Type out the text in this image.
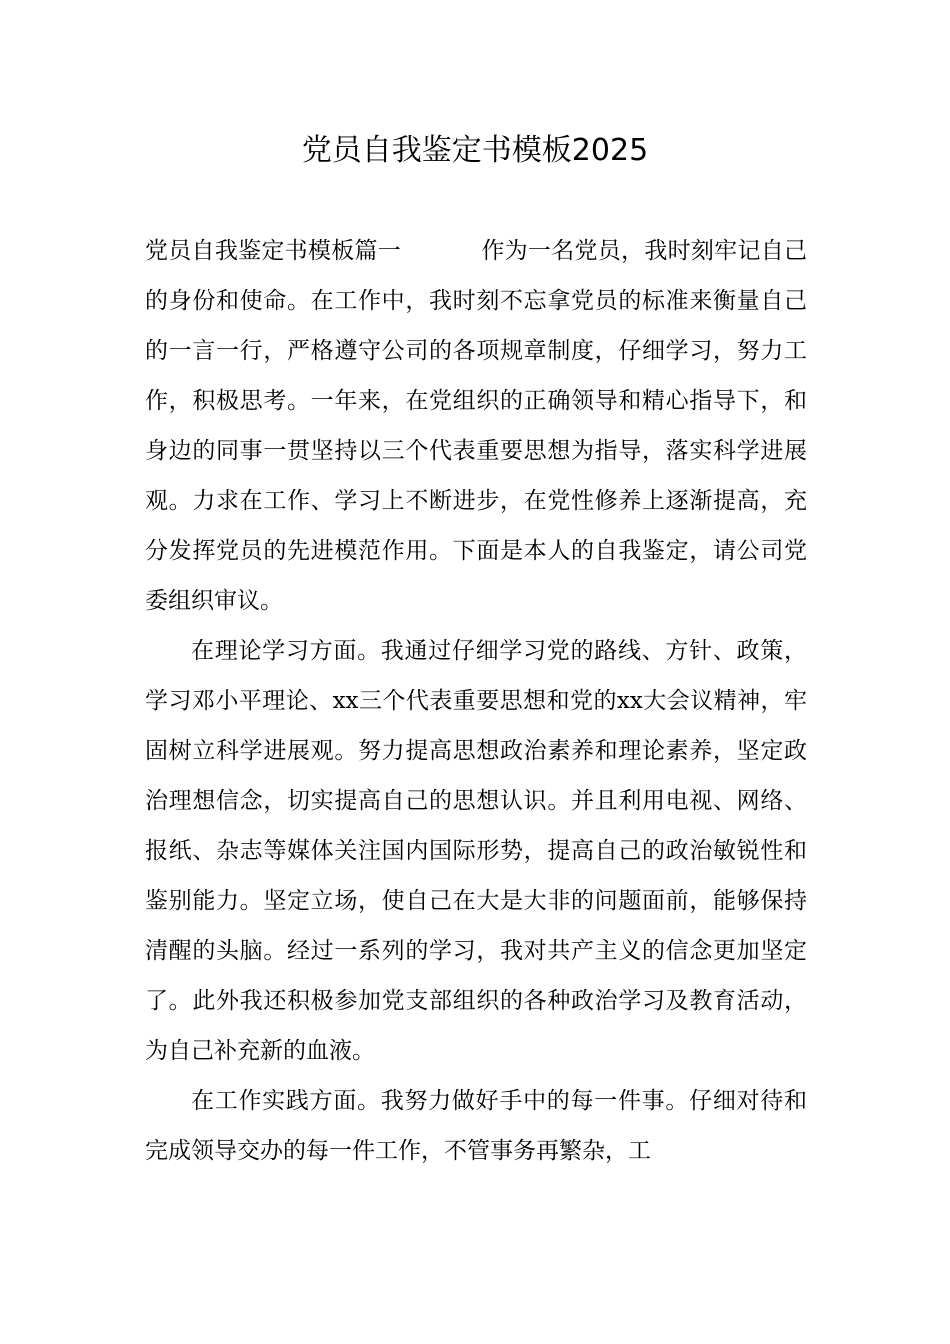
党员自我鉴定书模板2025

党员自我鉴定书模板篇一	作为一名党员，我时刻牢记自己的身份和使命。在工作中，我时刻不忘拿党员的标准来衡量自己的一言一行，严格遵守公司的各项规章制度，仔细学习，努力工作，积极思考。一年来，在党组织的正确领导和精心指导下，和身边的同事一贯坚持以三个代表重要思想为指导，落实科学进展观。力求在工作、学习上不断进步，在党性修养上逐渐提高，充分发挥党员的先进模范作用。下面是本人的自我鉴定，请公司党委组织审议。

在理论学习方面。我通过仔细学习党的路线、方针、政策，学习邓小平理论、xx三个代表重要思想和党的xx大会议精神，牢固树立科学进展观。努力提高思想政治素养和理论素养，坚定政治理想信念，切实提高自己的思想认识。并且利用电视、网络、报纸、杂志等媒体关注国内国际形势，提高自己的政治敏锐性和鉴别能力。坚定立场，使自己在大是大非的问题面前，能够保持清醒的头脑。经过一系列的学习，我对共产主义的信念更加坚定了。此外我还积极参加党支部组织的各种政治学习及教育活动，为自己补充新的血液。

在工作实践方面。我努力做好手中的每一件事。仔细对待和完成领导交办的每一件工作，不管事务再繁杂，工
